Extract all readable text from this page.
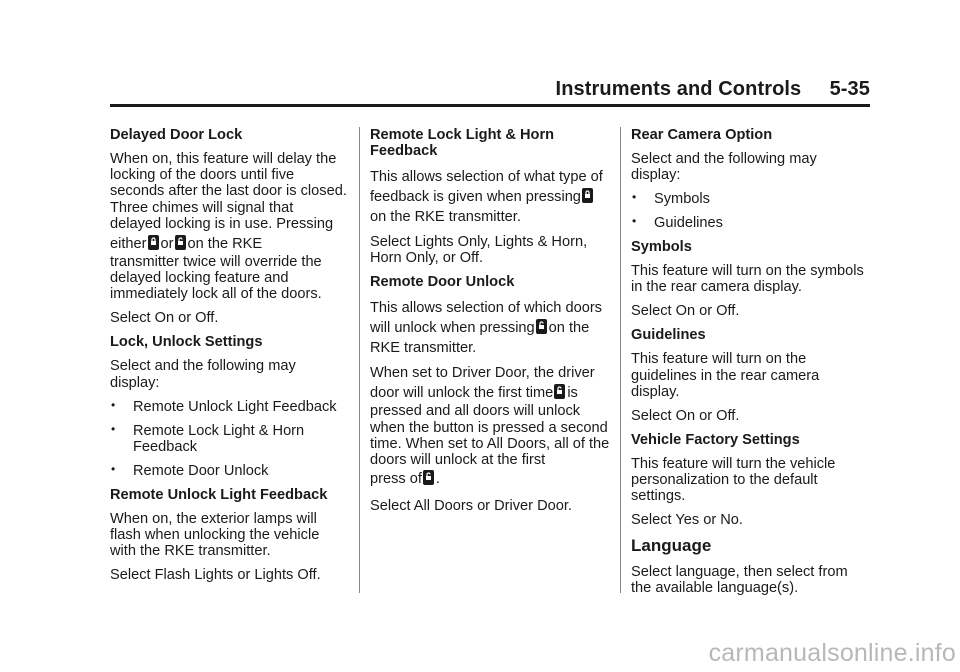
Instruments and Controls     5-35

Delayed Door Lock

When on, this feature will delay the locking of the doors until five seconds after the last door is closed. Three chimes will signal that delayed locking is in use. Pressing

either or on the RKE

transmitter twice will override the delayed locking feature and immediately lock all of the doors.

Select On or Off.

Lock, Unlock Settings

Select and the following may display:

• Remote Unlock Light Feedback
• Remote Lock Light & Horn Feedback
• Remote Door Unlock

Remote Unlock Light Feedback

When on, the exterior lamps will flash when unlocking the vehicle with the RKE transmitter.

Select Flash Lights or Lights Off.

Remote Lock Light & Horn Feedback

This allows selection of what type of
feedback is given when pressing

on the RKE transmitter.

Select Lights Only, Lights & Horn, Horn Only, or Off.

Remote Door Unlock

This allows selection of which doors
will unlock when pressing on the
RKE transmitter.

When set to Driver Door, the driver
door will unlock the first time is

pressed and all doors will unlock when the button is pressed a second time. When set to All Doors, all of the doors will unlock at the first

press of .

Select All Doors or Driver Door.

Rear Camera Option

Select and the following may display:

• Symbols
• Guidelines

Symbols

This feature will turn on the symbols in the rear camera display.

Select On or Off.

Guidelines

This feature will turn on the guidelines in the rear camera display.

Select On or Off.

Vehicle Factory Settings

This feature will turn the vehicle personalization to the default settings.

Select Yes or No.

Language

Select language, then select from the available language(s).

carmanualsonline.info
